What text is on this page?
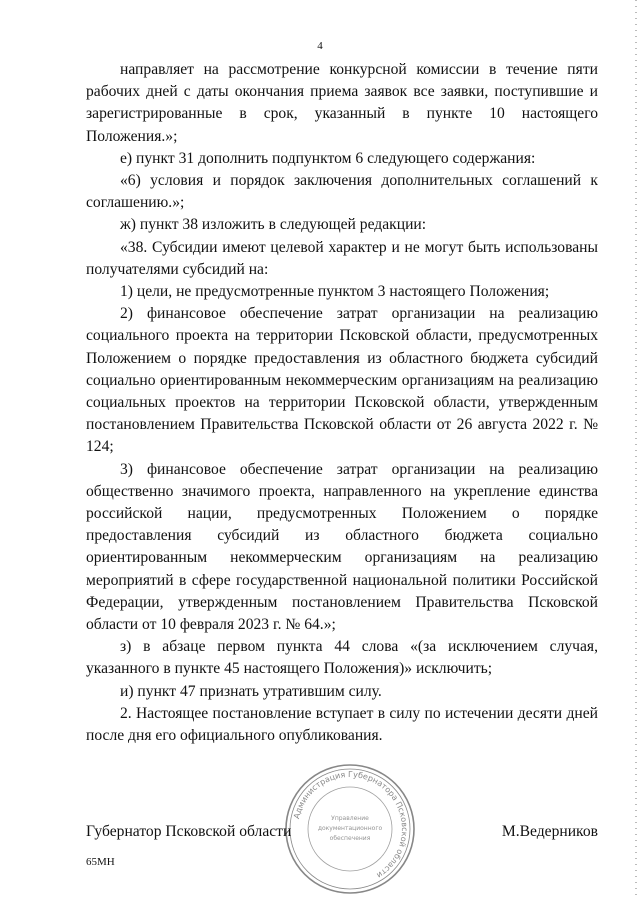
4

направляет на рассмотрение конкурсной комиссии в течение пяти рабочих дней с даты окончания приема заявок все заявки, поступившие и зарегистрированные в срок, указанный в пункте 10 настоящего Положения.»;

е) пункт 31 дополнить подпунктом 6 следующего содержания:

«6) условия и порядок заключения дополнительных соглашений к соглашению.»;

ж) пункт 38 изложить в следующей редакции:

«38. Субсидии имеют целевой характер и не могут быть использованы получателями субсидий на:

1) цели, не предусмотренные пунктом 3 настоящего Положения;

2) финансовое обеспечение затрат организации на реализацию социального проекта на территории Псковской области, предусмотренных Положением о порядке предоставления из областного бюджета субсидий социально ориентированным некоммерческим организациям на реализацию социальных проектов на территории Псковской области, утвержденным постановлением Правительства Псковской области от 26 августа 2022 г. № 124;

3) финансовое обеспечение затрат организации на реализацию общественно значимого проекта, направленного на укрепление единства российской нации, предусмотренных Положением о порядке предоставления субсидий из областного бюджета социально ориентированным некоммерческим организациям на реализацию мероприятий в сфере государственной национальной политики Российской Федерации, утвержденным постановлением Правительства Псковской области от 10 февраля 2023 г. № 64.»;

з) в абзаце первом пункта 44 слова «(за исключением случая, указанного в пункте 45 настоящего Положения)» исключить;

и) пункт 47 признать утратившим силу.

2. Настоящее постановление вступает в силу по истечении десяти дней после дня его официального опубликования.

Администрация Губернатора Псковской области
Управление
документационного
обеспечения
Губернатор Псковской области	М.Ведерников
65МН
